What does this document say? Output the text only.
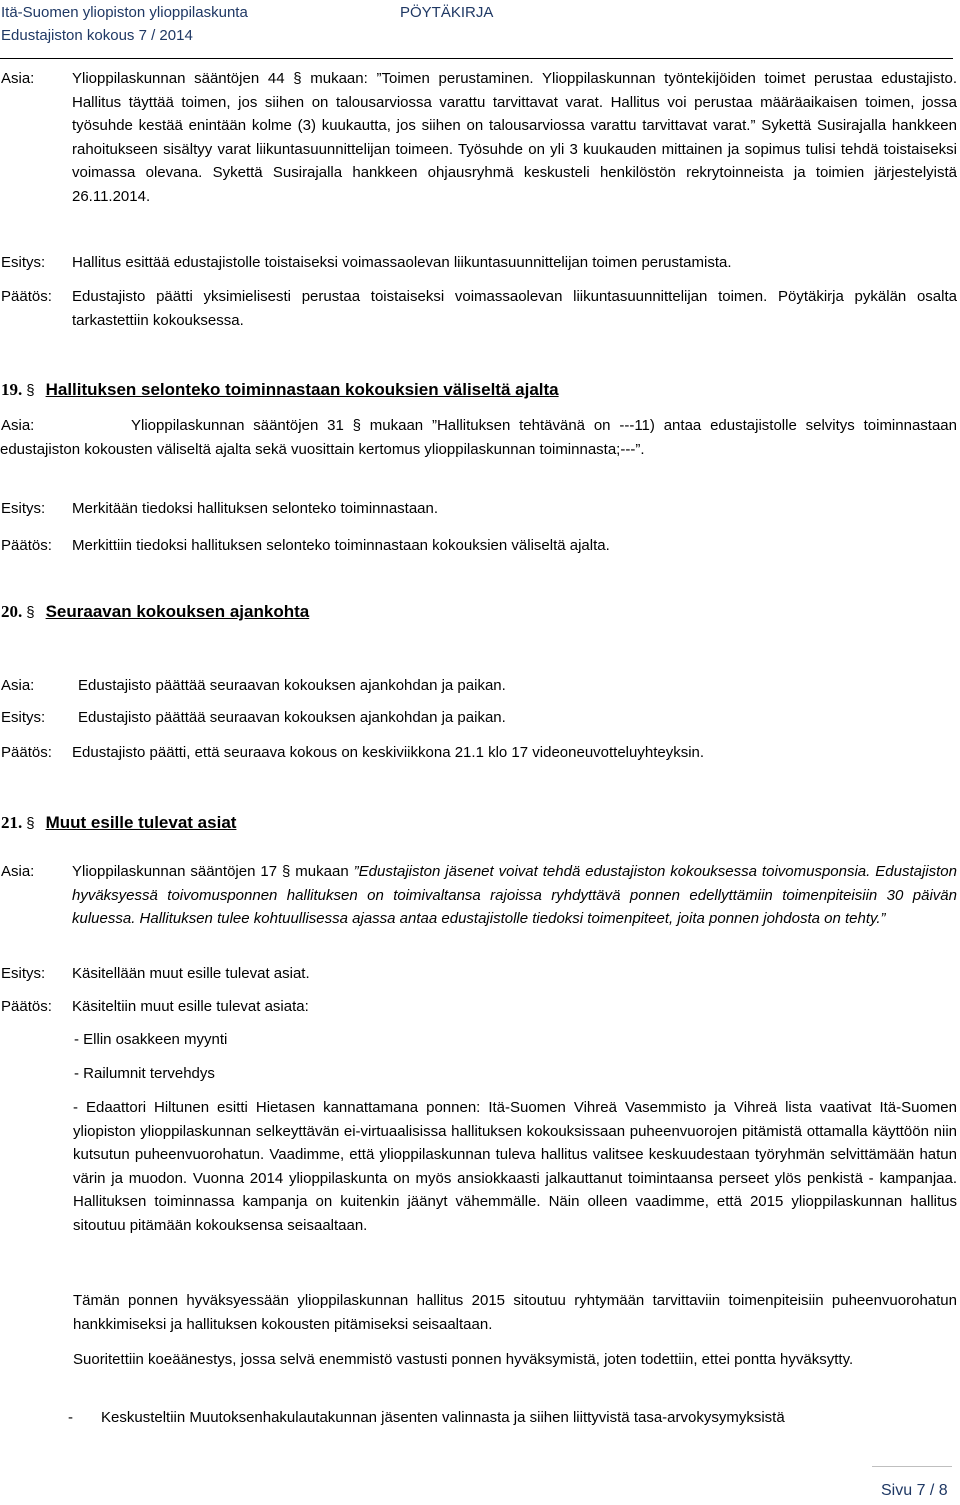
Itä-Suomen yliopiston ylioppilaskunta	PÖYTÄKIRJA
Edustajiston kokous 7 / 2014
Asia:	Ylioppilaskunnan sääntöjen 44 § mukaan: ”Toimen perustaminen. Ylioppilaskunnan työntekijöiden toimet perustaa edustajisto. Hallitus täyttää toimen, jos siihen on talousarviossa varattu tarvittavat varat. Hallitus voi perustaa määräaikaisen toimen, jossa työsuhde kestää enintään kolme (3) kuukautta, jos siihen on talousarviossa varattu tarvittavat varat.” Sykettä Susirajalla hankkeen rahoitukseen sisältyy varat liikuntasuunnittelijan toimeen. Työsuhde on yli 3 kuukauden mittainen ja sopimus tulisi tehdä toistaiseksi voimassa olevana. Sykettä Susirajalla hankkeen ohjausryhmä keskusteli henkilöstön rekrytoinneista ja toimien järjestelyistä 26.11.2014.
Esitys: Hallitus esittää edustajistolle toistaiseksi voimassaolevan liikuntasuunnittelijan toimen perustamista.
Päätös: Edustajisto päätti yksimielisesti perustaa toistaiseksi voimassaolevan liikuntasuunnittelijan toimen. Pöytäkirja pykälän osalta tarkastettiin kokouksessa.
19. § Hallituksen selonteko toiminnastaan kokouksien väliseltä ajalta
Asia:	Ylioppilaskunnan sääntöjen 31 § mukaan ”Hallituksen tehtävänä on ---11) antaa edustajistolle selvitys toiminnastaan edustajiston kokousten väliseltä ajalta sekä vuosittain kertomus ylioppilaskunnan toiminnasta;---”.
Esitys: Merkitään tiedoksi hallituksen selonteko toiminnastaan.
Päätös: Merkittiin tiedoksi hallituksen selonteko toiminnastaan kokouksien väliseltä ajalta.
20. § Seuraavan kokouksen ajankohta
Asia:	Edustajisto päättää seuraavan kokouksen ajankohdan ja paikan.
Esitys: Edustajisto päättää seuraavan kokouksen ajankohdan ja paikan.
Päätös: Edustajisto päätti, että seuraava kokous on keskiviikkona 21.1 klo 17 videoneuvotteluyhteyksin.
21. § Muut esille tulevat asiat
Asia:	Ylioppilaskunnan sääntöjen 17 § mukaan ”Edustajiston jäsenet voivat tehdä edustajiston kokouksessa toivomusponsia. Edustajiston hyväksyessä toivomusponnen hallituksen on toimivaltansa rajoissa ryhdyttävä ponnen edellyttämiin toimenpiteisiin 30 päivän kuluessa. Hallituksen tulee kohtuullisessa ajassa antaa edustajistolle tiedoksi toimenpiteet, joita ponnen johdosta on tehty.”
Esitys: Käsitellään muut esille tulevat asiat.
Päätös: Käsiteltiin muut esille tulevat asiata:
- Ellin osakkeen myynti
- Railumnit tervehdys
- Edaattori Hiltunen esitti Hietasen kannattamana ponnen: Itä-Suomen Vihreä Vasemmisto ja Vihreä lista vaativat Itä-Suomen yliopiston ylioppilaskunnan selkeyttävän ei-virtuaalisissa hallituksen kokouksissaan puheenvuorojen pitämistä ottamalla käyttöön niin kutsutun puheenvuorohatun. Vaadimme, että ylioppilaskunnan tuleva hallitus valitsee keskuudestaan työryhmän selvittämään hatun värin ja muodon. Vuonna 2014 ylioppilaskunta on myös ansiokkaasti jalkauttanut toimintaansa perseet ylös penkistä - kampanjaa. Hallituksen toiminnassa kampanja on kuitenkin jäänyt vähemmälle. Näin olleen vaadimme, että 2015 ylioppilaskunnan hallitus sitoutuu pitämään kokouksensa seisaaltaan.
Tämän ponnen hyväksyessään ylioppilaskunnan hallitus 2015 sitoutuu ryhtymään tarvittaviin toimenpiteisiin puheenvuorohatun hankkimiseksi ja hallituksen kokousten pitämiseksi seisaaltaan.
Suoritettiin koeäänestys, jossa selvä enemmistö vastusti ponnen hyväksymistä, joten todettiin, ettei pontta hyväksytty.
- Keskusteltiin Muutoksenhakulautakunnan jäsenten valinnasta ja siihen liittyvistä tasa-arvokysymyksistä
Sivu 7 / 8
